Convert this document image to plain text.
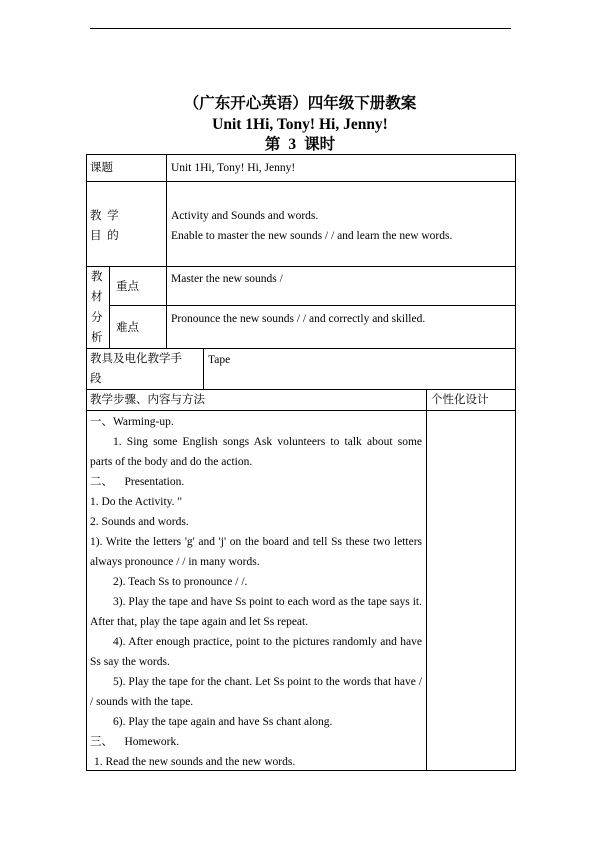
（广东开心英语）四年级下册教案
Unit 1Hi, Tony! Hi, Jenny!
第 3 课时
课题	Unit 1Hi, Tony! Hi, Jenny!
教  学
目  的
Activity and Sounds and words.
Enable to master the new sounds / / and learn the new words.
教
材
分
析
重点
Master the new sounds /
难点
Pronounce the new sounds / / and correctly and skilled.
教具及电化教学手
段
Tape
教学步骤、内容与方法	个性化设计

一、Warming-up.

1. Sing some English songs Ask volunteers to talk about some parts of the body and do the action.

二、    Presentation.

1. Do the Activity. "

2. Sounds and words.

1). Write the letters 'g' and 'j' on the board and tell Ss these two letters always pronounce / / in many words.

2). Teach Ss to pronounce / /.

3). Play the tape and have Ss point to each word as the tape says it. After that, play the tape again and let Ss repeat.

4). After enough practice, point to the pictures randomly and have Ss say the words.

5). Play the tape for the chant. Let Ss point to the words that have / / sounds with the tape.

6). Play the tape again and have Ss chant along.

三、    Homework.

1. Read the new sounds and the new words.
